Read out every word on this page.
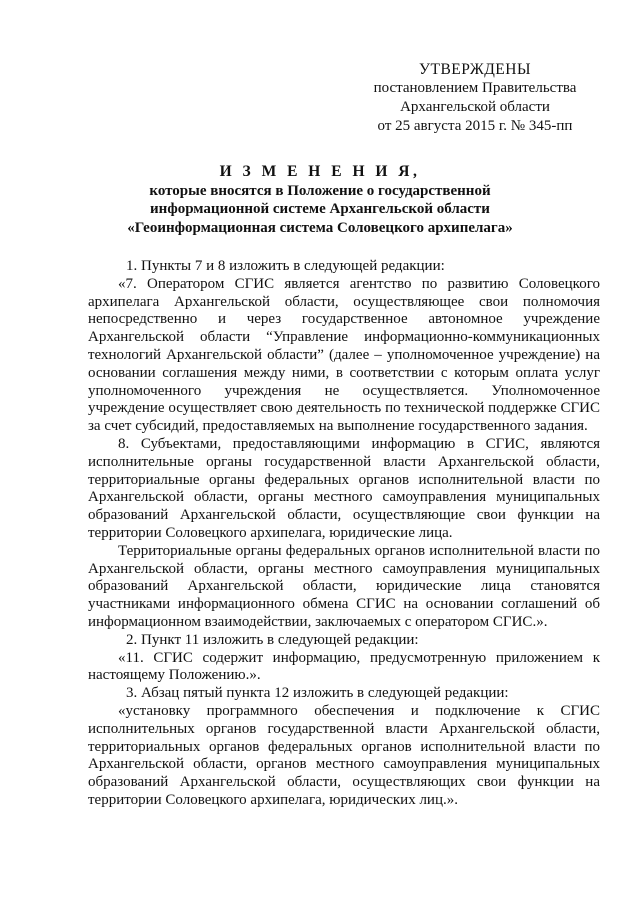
УТВЕРЖДЕНЫ
постановлением Правительства
Архангельской области
от 25 августа 2015 г. № 345-пп
И З М Е Н Е Н И Я,
которые вносятся в Положение о государственной
информационной системе Архангельской области
«Геоинформационная система Соловецкого архипелага»

1. Пункты 7 и 8 изложить в следующей редакции:

«7. Оператором СГИС является агентство по развитию Соловецкого архипелага Архангельской области, осуществляющее свои полномочия непосредственно и через государственное автономное учреждение Архангельской области “Управление информационно-коммуникационных технологий Архангельской области” (далее – уполномоченное учреждение) на основании соглашения между ними, в соответствии с которым оплата услуг уполномоченного учреждения не осуществляется. Уполномоченное учреждение осуществляет свою деятельность по технической поддержке СГИС за счет субсидий, предоставляемых на выполнение государственного задания.

8. Субъектами, предоставляющими информацию в СГИС, являются исполнительные органы государственной власти Архангельской области, территориальные органы федеральных органов исполнительной власти по Архангельской области, органы местного самоуправления муниципальных образований Архангельской области, осуществляющие свои функции на территории Соловецкого архипелага, юридические лица.

Территориальные органы федеральных органов исполнительной власти по Архангельской области, органы местного самоуправления муниципальных образований Архангельской области, юридические лица становятся участниками информационного обмена СГИС на основании соглашений об информационном взаимодействии, заключаемых с оператором СГИС.».

2. Пункт 11 изложить в следующей редакции:

«11. СГИС содержит информацию, предусмотренную приложением к настоящему Положению.».

3. Абзац пятый пункта 12 изложить в следующей редакции:

«установку программного обеспечения и подключение к СГИС исполнительных органов государственной власти Архангельской области, территориальных органов федеральных органов исполнительной власти по Архангельской области, органов местного самоуправления муниципальных образований Архангельской области, осуществляющих свои функции на территории Соловецкого архипелага, юридических лиц.».
